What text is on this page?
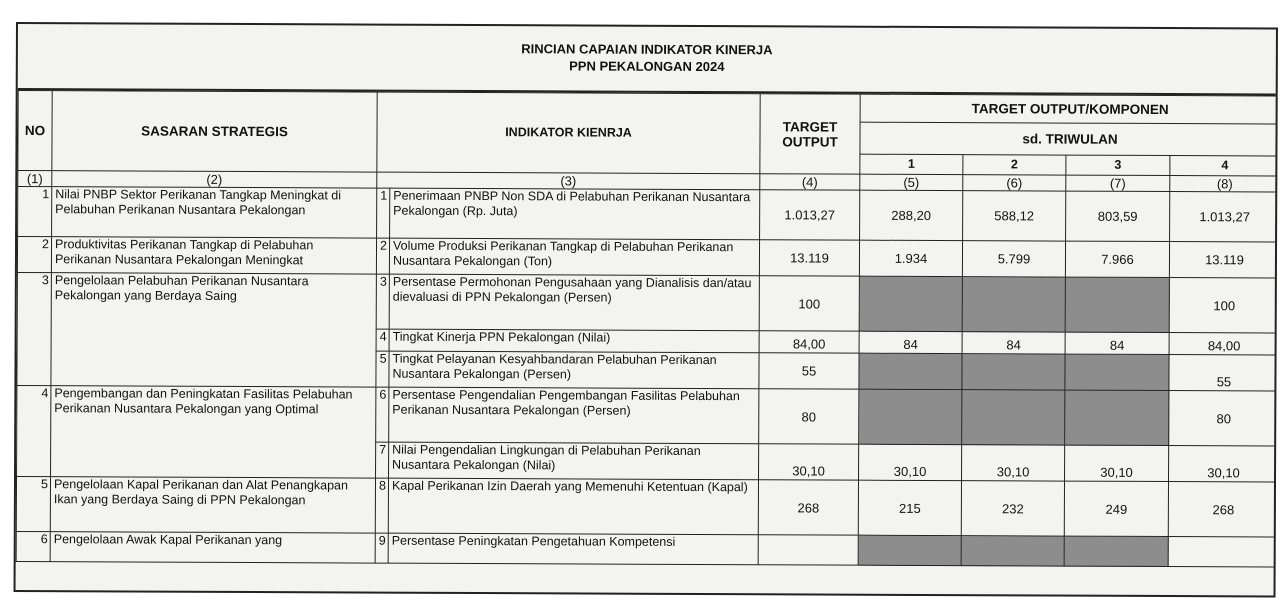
RINCIAN CAPAIAN INDIKATOR KINERJA
PPN PEKALONGAN 2024
NO	SASARAN STRATEGIS	INDIKATOR KIENRJA		TARGET OUTPUT	TARGET OUTPUT/KOMPONEN			
					sd. TRIWULAN			
					1	2	3	4
(1)	(2)	(3)		(4)	(5)	(6)	(7)	(8)
1	Nilai PNBP Sektor Perikanan Tangkap Meningkat di Pelabuhan Perikanan Nusantara Pekalongan	1	Penerimaan PNBP Non SDA di Pelabuhan Perikanan Nusantara Pekalongan (Rp. Juta)	1.013,27	288,20	588,12	803,59	1.013,27
2	Produktivitas Perikanan Tangkap di Pelabuhan Perikanan Nusantara Pekalongan Meningkat	2	Volume Produksi Perikanan Tangkap di Pelabuhan Perikanan Nusantara Pekalongan (Ton)	13.119	1.934	5.799	7.966	13.119
3	Pengelolaan Pelabuhan Perikanan Nusantara Pekalongan yang Berdaya Saing	3	Persentase Permohonan Pengusahaan yang Dianalisis dan/atau dievaluasi di PPN Pekalongan (Persen)	100				100
		4	Tingkat Kinerja PPN Pekalongan (Nilai)	84,00	84	84	84	84,00
		5	Tingkat Pelayanan Kesyahbandaran Pelabuhan Perikanan Nusantara Pekalongan (Persen)	55				55
4	Pengembangan dan Peningkatan Fasilitas Pelabuhan Perikanan Nusantara Pekalongan yang Optimal	6	Persentase Pengendalian Pengembangan Fasilitas Pelabuhan Perikanan Nusantara Pekalongan (Persen)	80				80
		7	Nilai Pengendalian Lingkungan di Pelabuhan Perikanan Nusantara Pekalongan (Nilai)	30,10	30,10	30,10	30,10	30,10
5	Pengelolaan Kapal Perikanan dan Alat Penangkapan Ikan yang Berdaya Saing di PPN Pekalongan	8	Kapal Perikanan Izin Daerah yang Memenuhi Ketentuan (Kapal)	268	215	232	249	268
6	Pengelolaan Awak Kapal Perikanan yang	9	Persentase Peningkatan Pengetahuan Kompetensi					
